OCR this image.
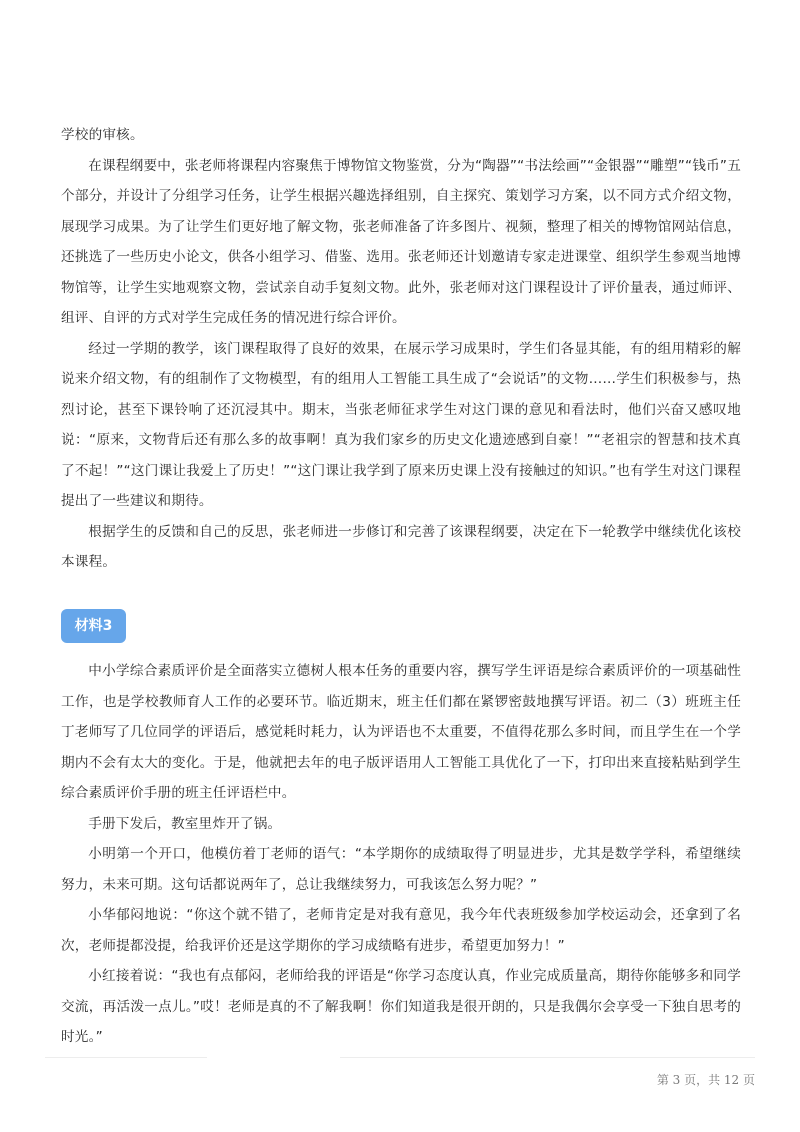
学校的审核。

在课程纲要中，张老师将课程内容聚焦于博物馆文物鉴赏，分为“陶器”“书法绘画”“金银器”“雕塑”“钱币”五个部分，并设计了分组学习任务，让学生根据兴趣选择组别，自主探究、策划学习方案，以不同方式介绍文物，展现学习成果。为了让学生们更好地了解文物，张老师准备了许多图片、视频，整理了相关的博物馆网站信息，还挑选了一些历史小论文，供各小组学习、借鉴、选用。张老师还计划邀请专家走进课堂、组织学生参观当地博物馆等，让学生实地观察文物，尝试亲自动手复刻文物。此外，张老师对这门课程设计了评价量表，通过师评、组评、自评的方式对学生完成任务的情况进行综合评价。

经过一学期的教学，该门课程取得了良好的效果，在展示学习成果时，学生们各显其能，有的组用精彩的解说来介绍文物，有的组制作了文物模型，有的组用人工智能工具生成了“会说话”的文物……学生们积极参与，热烈讨论，甚至下课铃响了还沉浸其中。期末，当张老师征求学生对这门课的意见和看法时，他们兴奋又感叹地说：“原来，文物背后还有那么多的故事啊！真为我们家乡的历史文化遗迹感到自豪！”“老祖宗的智慧和技术真了不起！”“这门课让我爱上了历史！”“这门课让我学到了原来历史课上没有接触过的知识。”也有学生对这门课程提出了一些建议和期待。

根据学生的反馈和自己的反思，张老师进一步修订和完善了该课程纲要，决定在下一轮教学中继续优化该校本课程。

材料3

中小学综合素质评价是全面落实立德树人根本任务的重要内容，撰写学生评语是综合素质评价的一项基础性工作，也是学校教师育人工作的必要环节。临近期末，班主任们都在紧锣密鼓地撰写评语。初二（3）班班主任丁老师写了几位同学的评语后，感觉耗时耗力，认为评语也不太重要，不值得花那么多时间，而且学生在一个学期内不会有太大的变化。于是，他就把去年的电子版评语用人工智能工具优化了一下，打印出来直接粘贴到学生综合素质评价手册的班主任评语栏中。

手册下发后，教室里炸开了锅。

小明第一个开口，他模仿着丁老师的语气：“本学期你的成绩取得了明显进步，尤其是数学学科，希望继续努力，未来可期。这句话都说两年了，总让我继续努力，可我该怎么努力呢？”

小华郁闷地说：“你这个就不错了，老师肯定是对我有意见，我今年代表班级参加学校运动会，还拿到了名次，老师提都没提，给我评价还是这学期你的学习成绩略有进步，希望更加努力！”

小红接着说：“我也有点郁闷，老师给我的评语是“你学习态度认真，作业完成质量高，期待你能够多和同学交流，再活泼一点儿。”哎！老师是真的不了解我啊！你们知道我是很开朗的，只是我偶尔会享受一下独自思考的时光。”

第 3 页，共 12 页
